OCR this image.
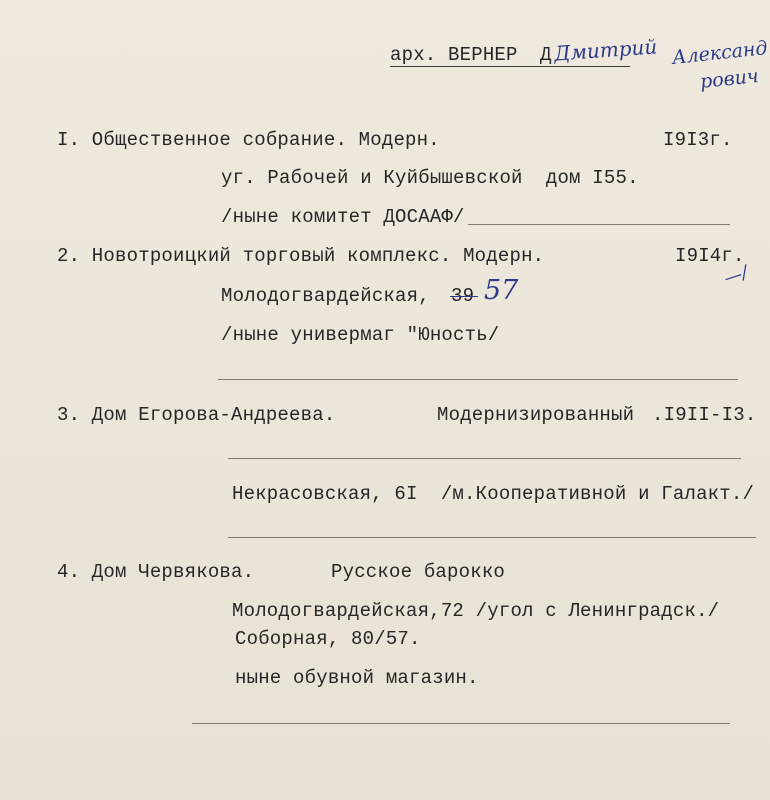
арх. ВЕРНЕР Д Дмитрий Александ
рович
I. Общественное собрание. Модерн.	I9I3г.
уг. Рабочей и Куйбышевской  дом I55.
/ныне комитет ДОСААФ/
2. Новотроицкий торговый комплекс. Модерн.	I9I4г.
—/
Молодогвардейская, 39 57
/ныне универмаг "Юность/
3. Дом Егорова-Андреева.	Модернизированный .I9II-I3.
Некрасовская, 6I  /м.Кооперативной и Галакт./
4. Дом Червякова.	Русское барокко
Молодогвардейская,72 /угол с Ленинградск./
Соборная, 80/57.
ныне обувной магазин.
